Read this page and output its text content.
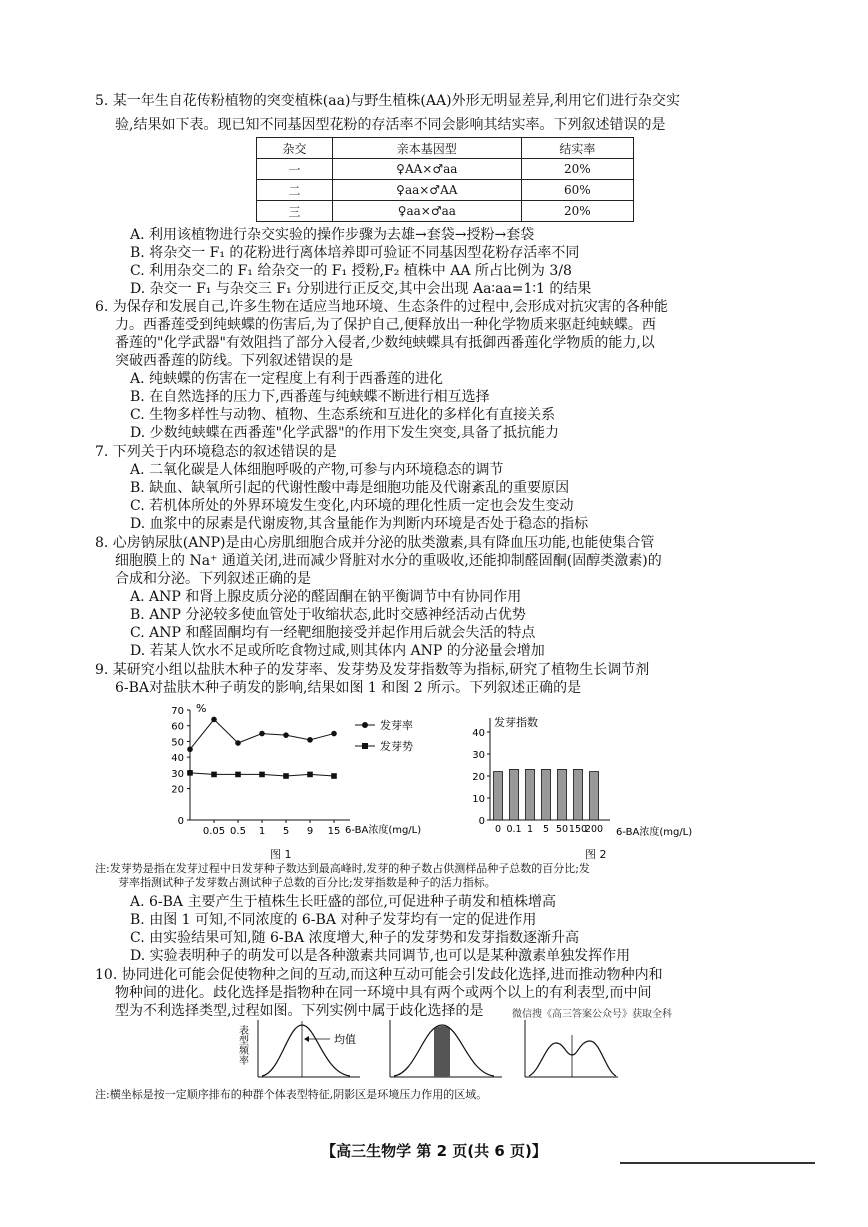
5. 某一年生自花传粉植物的突变植株(aa)与野生植株(AA)外形无明显差异,利用它们进行杂交实
验,结果如下表。现已知不同基因型花粉的存活率不同会影响其结实率。下列叙述错误的是
杂交	亲本基因型	结实率
一	♀AA×♂aa	20%
二	♀aa×♂AA	60%
三	♀aa×♂aa	20%
A. 利用该植物进行杂交实验的操作步骤为去雄→套袋→授粉→套袋
B. 将杂交一 F₁ 的花粉进行离体培养即可验证不同基因型花粉存活率不同
C. 利用杂交二的 F₁ 给杂交一的 F₁ 授粉,F₂ 植株中 AA 所占比例为 3/8
D. 杂交一 F₁ 与杂交三 F₁ 分别进行正反交,其中会出现 Aa∶aa=1∶1 的结果
6. 为保存和发展自己,许多生物在适应当地环境、生态条件的过程中,会形成对抗灾害的各种能
力。西番莲受到纯蛱蝶的伤害后,为了保护自己,便释放出一种化学物质来驱赶纯蛱蝶。西
番莲的"化学武器"有效阻挡了部分入侵者,少数纯蛱蝶具有抵御西番莲化学物质的能力,以
突破西番莲的防线。下列叙述错误的是
A. 纯蛱蝶的伤害在一定程度上有利于西番莲的进化
B. 在自然选择的压力下,西番莲与纯蛱蝶不断进行相互选择
C. 生物多样性与动物、植物、生态系统和互进化的多样化有直接关系
D. 少数纯蛱蝶在西番莲"化学武器"的作用下发生突变,具备了抵抗能力
7. 下列关于内环境稳态的叙述错误的是
A. 二氧化碳是人体细胞呼吸的产物,可参与内环境稳态的调节
B. 缺血、缺氧所引起的代谢性酸中毒是细胞功能及代谢紊乱的重要原因
C. 若机体所处的外界环境发生变化,内环境的理化性质一定也会发生变动
D. 血浆中的尿素是代谢废物,其含量能作为判断内环境是否处于稳态的指标
8. 心房钠尿肽(ANP)是由心房肌细胞合成并分泌的肽类激素,具有降血压功能,也能使集合管
细胞膜上的 Na⁺ 通道关闭,进而减少肾脏对水分的重吸收,还能抑制醛固酮(固醇类激素)的
合成和分泌。下列叙述正确的是
A. ANP 和肾上腺皮质分泌的醛固酮在钠平衡调节中有协同作用
B. ANP 分泌较多使血管处于收缩状态,此时交感神经活动占优势
C. ANP 和醛固酮均有一经靶细胞接受并起作用后就会失活的特点
D. 若某人饮水不足或所吃食物过咸,则其体内 ANP 的分泌量会增加
9. 某研究小组以盐肤木种子的发芽率、发芽势及发芽指数等为指标,研究了植物生长调节剂
6-BA对盐肤木种子萌发的影响,结果如图 1 和图 2 所示。下列叙述正确的是
%
70
60
50
40
30
20
0
0.05 0.5 1 5 9 15
发芽率
发芽势
6-BA浓度(mg/L)
图 1
发芽指数
40
30
20
10
0
0 0.1 1 5 50 150
200 6-BA浓度(mg/L)
图 2
注:发芽势是指在发芽过程中日发芽种子数达到最高峰时,发芽的种子数占供测样品种子总数的百分比;发
芽率指测试种子发芽数占测试种子总数的百分比;发芽指数是种子的活力指标。
A. 6-BA 主要产生于植株生长旺盛的部位,可促进种子萌发和植株增高
B. 由图 1 可知,不同浓度的 6-BA 对种子发芽均有一定的促进作用
C. 由实验结果可知,随 6-BA 浓度增大,种子的发芽势和发芽指数逐渐升高
D. 实验表明种子的萌发可以是各种激素共同调节,也可以是某种激素单独发挥作用
10. 协同进化可能会促使物种之间的互动,而这种互动可能会引发歧化选择,进而推动物种内和
物种间的进化。歧化选择是指物种在同一环境中具有两个或两个以上的有利表型,而中间
型为不利选择类型,过程如图。下列实例中属于歧化选择的是	微信搜《高三答案公众号》获取全科
表型频率	均值
注:横坐标是按一定顺序排布的种群个体表型特征,阴影区是环境压力作用的区域。
【高三生物学 第 2 页(共 6 页)】
